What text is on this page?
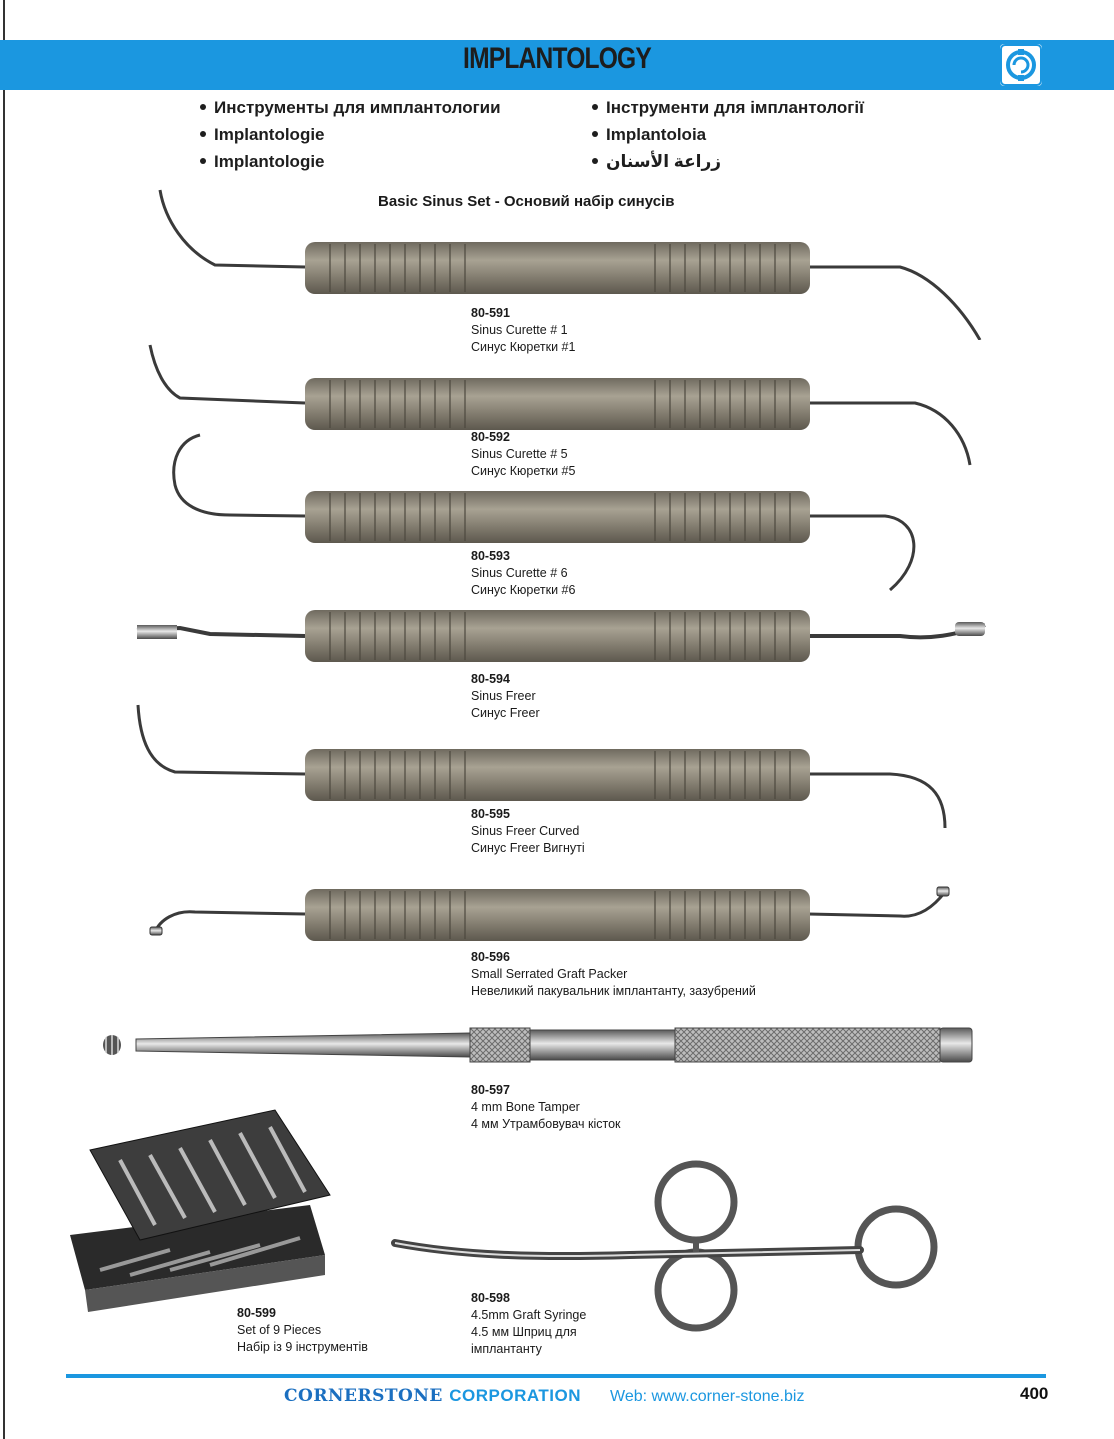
IMPLANTOLOGY
Инструменты для имплантологии
Implantologie
Implantologie
Інструменти для імплантології
Implantoloia
زراعة الأسنان
Basic Sinus Set - Основий набір синусів
80-591
Sinus Curette # 1
Синус Кюретки #1
80-592
Sinus Curette # 5
Синус Кюретки #5
80-593
Sinus Curette # 6
Синус Кюретки #6
80-594
Sinus Freer
Синус Freer
80-595
Sinus Freer Curved
Синус Freer Вигнуті
80-596
Small Serrated Graft Packer
Невеликий пакувальник імплантанту, зазубрений
80-597
4 mm Bone Tamper
4 мм Утрамбовувач кісток
80-599
Set of 9 Pieces
Набір із 9 інструментів
80-598
4.5mm Graft Syringe
4.5 мм Шприц для
імплантанту
CORNERSTONE CORPORATION Web: www.corner-stone.biz	400
